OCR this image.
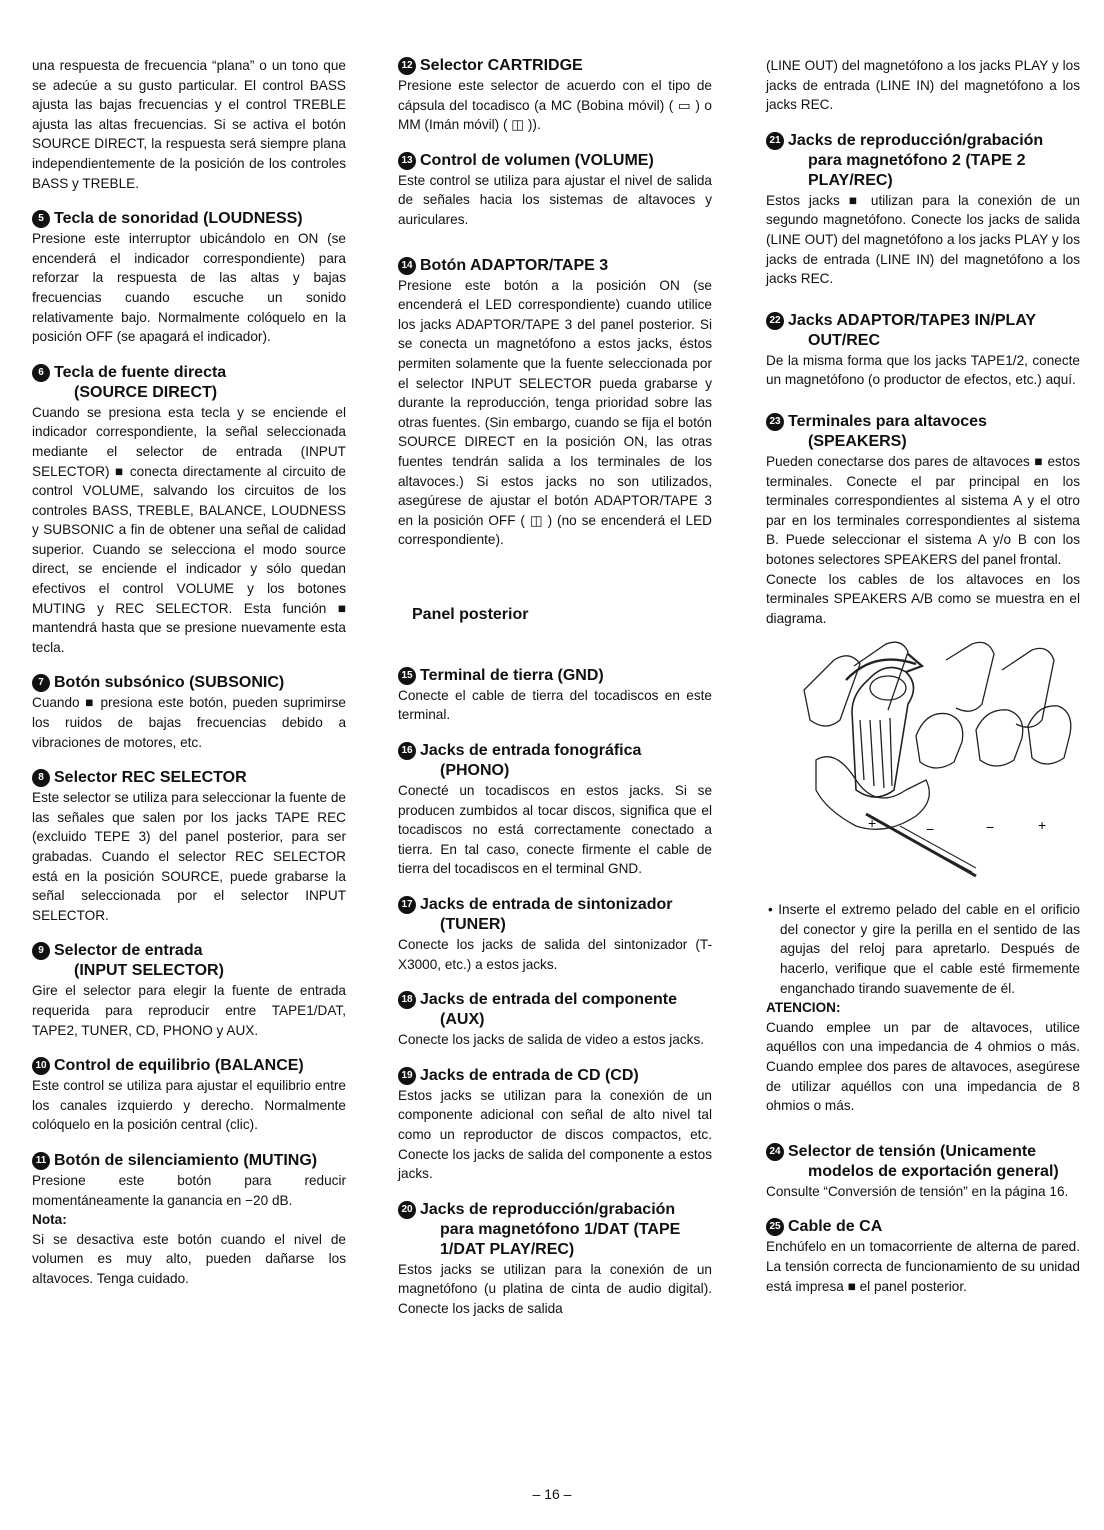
una respuesta de frecuencia “plana” o un tono que se adecúe a su gusto particular. El control BASS ajusta las bajas frecuencias y el control TREBLE ajusta las altas frecuencias. Si se activa el botón SOURCE DIRECT, la respuesta será siempre plana independientemente de la posición de los controles BASS y TREBLE.

5 Tecla de sonoridad (LOUDNESS)

Presione este interruptor ubicándolo en ON (se encenderá el indicador correspondiente) para reforzar la respuesta de las altas y bajas frecuencias cuando escuche un sonido relativamente bajo. Normalmente colóquelo en la posición OFF (se apagará el indicador).

6 Tecla de fuente directa
(SOURCE DIRECT)

Cuando se presiona esta tecla y se enciende el indicador correspondiente, la señal seleccionada mediante el selector de entrada (INPUT SELECTOR) ■ conecta directamente al circuito de control VOLUME, salvando los circuitos de los controles BASS, TREBLE, BALANCE, LOUDNESS y SUBSONIC a fin de obtener una señal de calidad superior. Cuando se selecciona el modo source direct, se enciende el indicador y sólo quedan efectivos el control VOLUME y los botones MUTING y REC SELECTOR. Esta función ■ mantendrá hasta que se presione nuevamente esta tecla.

7 Botón subsónico (SUBSONIC)

Cuando ■ presiona este botón, pueden suprimirse los ruidos de bajas frecuencias debido a vibraciones de motores, etc.

8 Selector REC SELECTOR

Este selector se utiliza para seleccionar la fuente de las señales que salen por los jacks TAPE REC (excluido TEPE 3) del panel posterior, para ser grabadas. Cuando el selector REC SELECTOR está en la posición SOURCE, puede grabarse la señal seleccionada por el selector INPUT SELECTOR.

9 Selector de entrada
(INPUT SELECTOR)

Gire el selector para elegir la fuente de entrada requerida para reproducir entre TAPE1/DAT, TAPE2, TUNER, CD, PHONO y AUX.

10 Control de equilibrio (BALANCE)

Este control se utiliza para ajustar el equilibrio entre los canales izquierdo y derecho. Normalmente colóquelo en la posición central (clic).

11 Botón de silenciamiento (MUTING)

Presione este botón para reducir momentáneamente la ganancia en −20 dB.

Nota:

Si se desactiva este botón cuando el nivel de volumen es muy alto, pueden dañarse los altavoces. Tenga cuidado.

12 Selector CARTRIDGE

Presione este selector de acuerdo con el tipo de cápsula del tocadisco (a MC (Bobina móvil) ( ▭ ) o MM (Imán móvil) ( ◫ )).

13 Control de volumen (VOLUME)

Este control se utiliza para ajustar el nivel de salida de señales hacia los sistemas de altavoces y auriculares.

14 Botón ADAPTOR/TAPE 3

Presione este botón a la posición ON (se encenderá el LED correspondiente) cuando utilice los jacks ADAPTOR/TAPE 3 del panel posterior. Si se conecta un magnetófono a estos jacks, éstos permiten solamente que la fuente seleccionada por el selector INPUT SELECTOR pueda grabarse y durante la reproducción, tenga prioridad sobre las otras fuentes. (Sin embargo, cuando se fija el botón SOURCE DIRECT en la posición ON, las otras fuentes tendrán salida a los terminales de los altavoces.) Si estos jacks no son utilizados, asegúrese de ajustar el botón ADAPTOR/TAPE 3 en la posición OFF ( ◫ ) (no se encenderá el LED correspondiente).

Panel posterior
15 Terminal de tierra (GND)

Conecte el cable de tierra del tocadiscos en este terminal.

16 Jacks de entrada fonográfica
(PHONO)

Conecté un tocadiscos en estos jacks. Si se producen zumbidos al tocar discos, significa que el tocadiscos no está correctamente conectado a tierra. En tal caso, conecte firmente el cable de tierra del tocadiscos en el terminal GND.

17 Jacks de entrada de sintonizador
(TUNER)

Conecte los jacks de salida del sintonizador (T-X3000, etc.) a estos jacks.

18 Jacks de entrada del componente
(AUX)

Conecte los jacks de salida de video a estos jacks.

19 Jacks de entrada de CD (CD)

Estos jacks se utilizan para la conexión de un componente adicional con señal de alto nivel tal como un reproductor de discos compactos, etc. Conecte los jacks de salida del componente a estos jacks.

20 Jacks de reproducción/grabación
para magnetófono 1/DAT (TAPE 1/DAT PLAY/REC)

Estos jacks se utilizan para la conexión de un magnetófono (u platina de cinta de audio digital). Conecte los jacks de salida

(LINE OUT) del magnetófono a los jacks PLAY y los jacks de entrada (LINE IN) del magnetófono a los jacks REC.

21 Jacks de reproducción/grabación
para magnetófono 2 (TAPE 2 PLAY/REC)

Estos jacks ■ utilizan para la conexión de un segundo magnetófono. Conecte los jacks de salida (LINE OUT) del magnetófono a los jacks PLAY y los jacks de entrada (LINE IN) del magnetófono a los jacks REC.

22 Jacks ADAPTOR/TAPE3 IN/PLAY
OUT/REC

De la misma forma que los jacks TAPE1/2, conecte un magnetófono (o productor de efectos, etc.) aquí.

23 Terminales para altavoces
(SPEAKERS)

Pueden conectarse dos pares de altavoces ■ estos terminales. Conecte el par principal en los terminales correspondientes al sistema A y el otro par en los terminales correspondientes al sistema B. Puede seleccionar el sistema A y/o B con los botones selectores SPEAKERS del panel frontal.

Conecte los cables de los altavoces en los terminales SPEAKERS A/B como se muestra en el diagrama.

+	−	−	+

• Inserte el extremo pelado del cable en el orificio del conector y gire la perilla en el sentido de las agujas del reloj para apretarlo. Después de hacerlo, verifique que el cable esté firmemente enganchado tirando suavemente de él.

ATENCION:

Cuando emplee un par de altavoces, utilice aquéllos con una impedancia de 4 ohmios o más. Cuando emplee dos pares de altavoces, asegúrese de utilizar aquéllos con una impedancia de 8 ohmios o más.

24 Selector de tensión (Unicamente
modelos de exportación general)

Consulte “Conversión de tensión” en la página 16.

25 Cable de CA

Enchúfelo en un tomacorriente de alterna de pared. La tensión correcta de funcionamiento de su unidad está impresa ■ el panel posterior.

– 16 –
